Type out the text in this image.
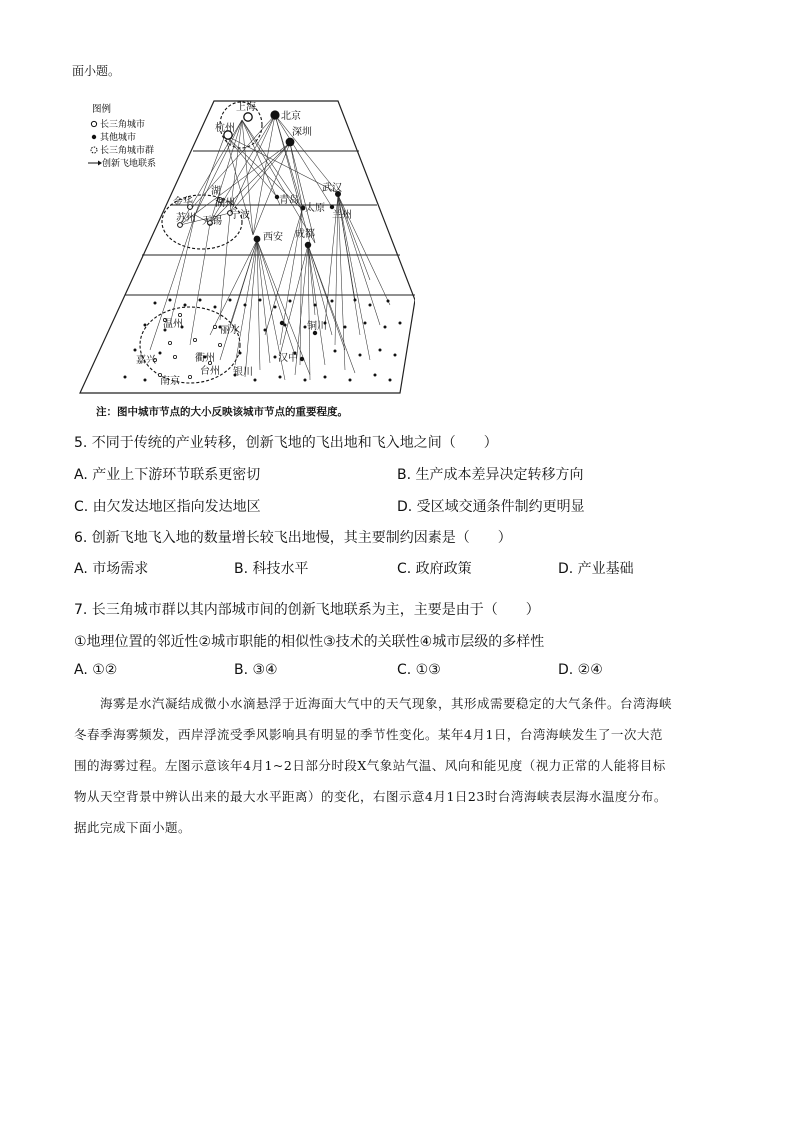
面小题。
图例
长三角城市
其他城市
长三角城市群
创新飞地联系
上海
北京
杭州	深圳
武汉
金华
湖
湖州
苏州 无锡
宁波
西安
青岛
太原
兰州
成都
温州
丽水	铜川
嘉兴	衢州
台州
南京
银川
汉中
注：图中城市节点的大小反映该城市节点的重要程度。
5. 不同于传统的产业转移，创新飞地的飞出地和飞入地之间（　　）
A. 产业上下游环节联系更密切	B. 生产成本差异决定转移方向
C. 由欠发达地区指向发达地区	D. 受区域交通条件制约更明显
6. 创新飞地飞入地的数量增长较飞出地慢，其主要制约因素是（　　）
A. 市场需求	B. 科技水平	C. 政府政策	D. 产业基础
7. 长三角城市群以其内部城市间的创新飞地联系为主，主要是由于（　　）
①地理位置的邻近性②城市职能的相似性③技术的关联性④城市层级的多样性
A. ①②	B. ③④	C. ①③	D. ②④
海雾是水汽凝结成微小水滴悬浮于近海面大气中的天气现象，其形成需要稳定的大气条件。台湾海峡
冬春季海雾频发，西岸浮流受季风影响具有明显的季节性变化。某年4月1日，台湾海峡发生了一次大范
围的海雾过程。左图示意该年4月1~2日部分时段X气象站气温、风向和能见度（视力正常的人能将目标
物从天空背景中辨认出来的最大水平距离）的变化，右图示意4月1日23时台湾海峡表层海水温度分布。
据此完成下面小题。
